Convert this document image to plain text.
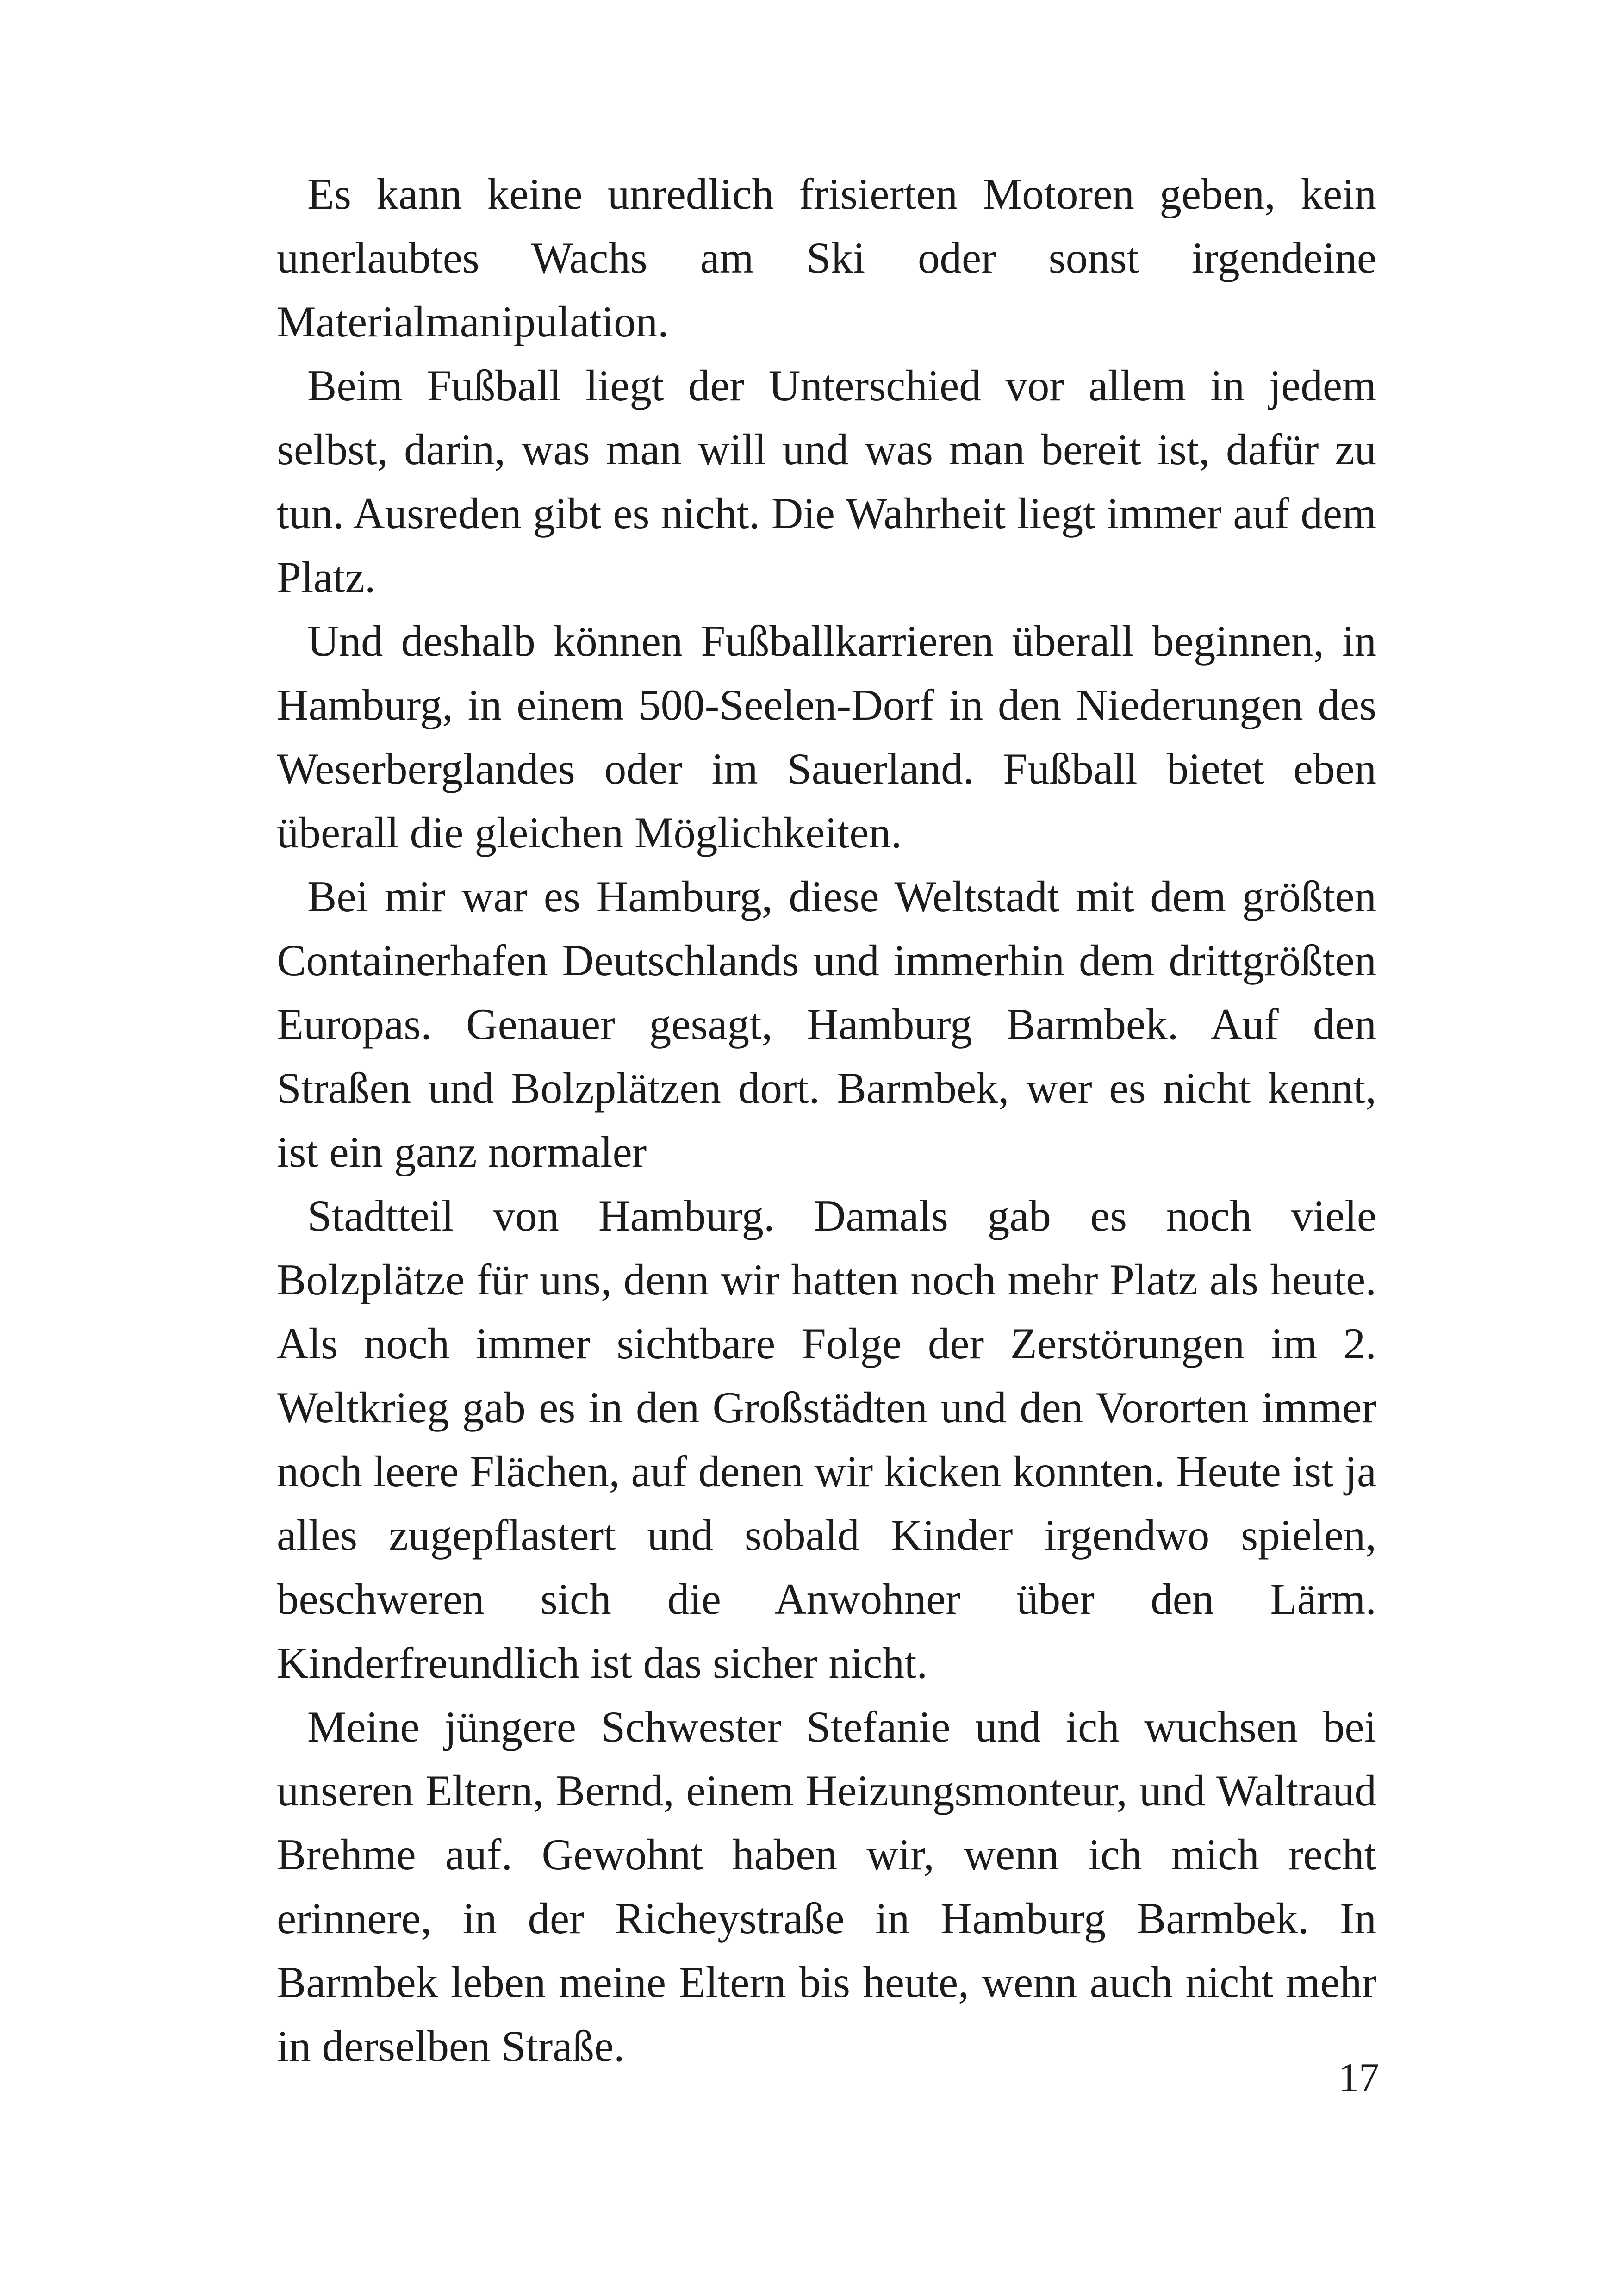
Es kann keine unredlich frisierten Motoren geben, kein unerlaubtes Wachs am Ski oder sonst irgendeine Materialmanipulation.

Beim Fußball liegt der Unterschied vor allem in jedem selbst, darin, was man will und was man bereit ist, dafür zu tun. Ausreden gibt es nicht. Die Wahrheit liegt immer auf dem Platz.

Und deshalb können Fußballkarrieren überall beginnen, in Hamburg, in einem 500-Seelen-Dorf in den Niederungen des Weserberglandes oder im Sauerland. Fußball bietet eben überall die gleichen Möglichkeiten.

Bei mir war es Hamburg, diese Weltstadt mit dem größten Containerhafen Deutschlands und immerhin dem drittgrößten Europas. Genauer gesagt, Hamburg Barmbek. Auf den Straßen und Bolzplätzen dort. Barmbek, wer es nicht kennt, ist ein ganz normaler

Stadtteil von Hamburg. Damals gab es noch viele Bolzplätze für uns, denn wir hatten noch mehr Platz als heute. Als noch immer sichtbare Folge der Zerstörungen im 2. Weltkrieg gab es in den Großstädten und den Vororten immer noch leere Flächen, auf denen wir kicken konnten. Heute ist ja alles zugepflastert und sobald Kinder irgendwo spielen, beschweren sich die Anwohner über den Lärm. Kinderfreundlich ist das sicher nicht.

Meine jüngere Schwester Stefanie und ich wuchsen bei unseren Eltern, Bernd, einem Heizungsmonteur, und Waltraud Brehme auf. Gewohnt haben wir, wenn ich mich recht erinnere, in der Richeystraße in Hamburg Barmbek. In Barmbek leben meine Eltern bis heute, wenn auch nicht mehr in derselben Straße.

17
